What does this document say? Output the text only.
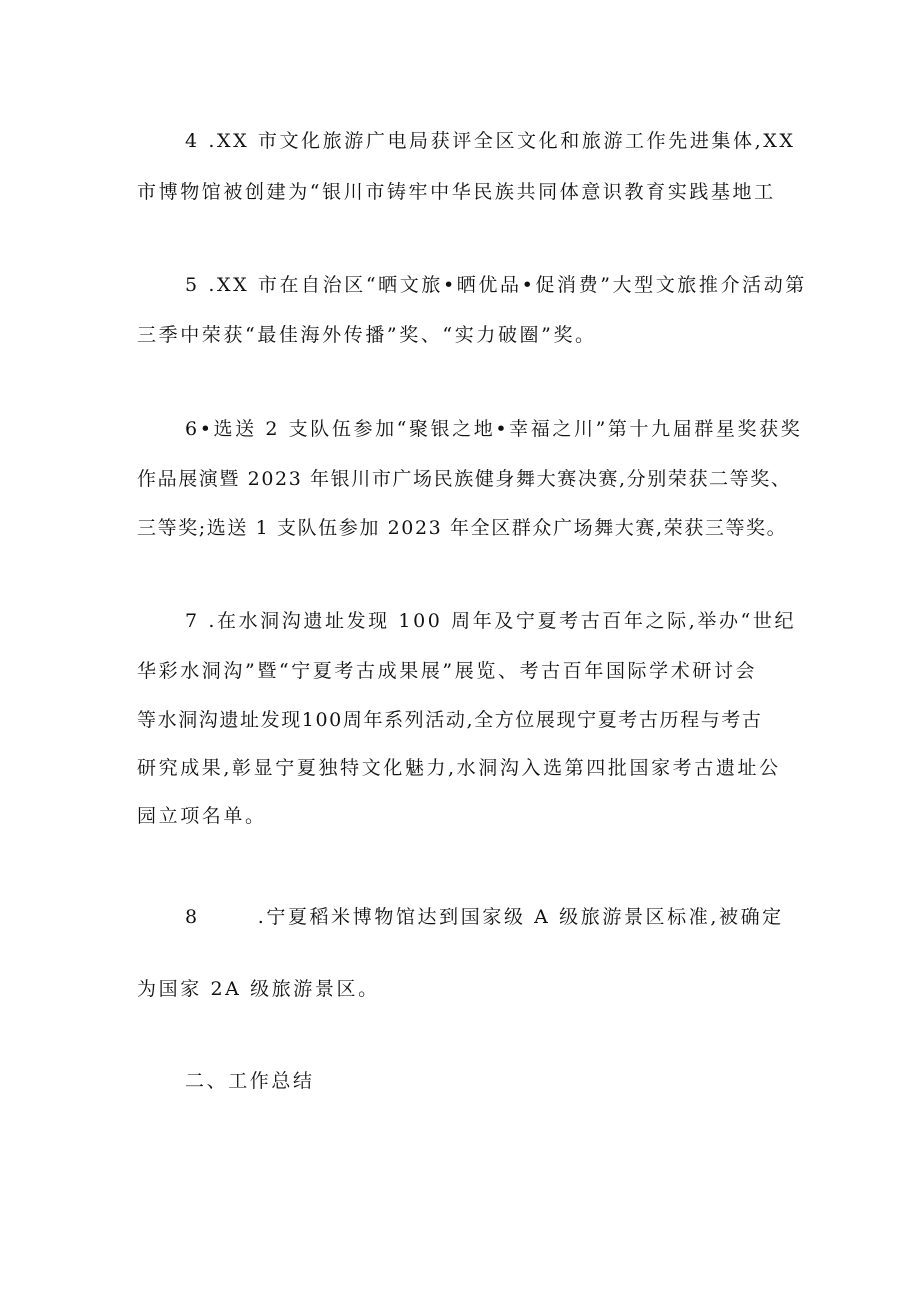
4 .XX 市文化旅游广电局获评全区文化和旅游工作先进集体,XX
市博物馆被创建为“银川市铸牢中华民族共同体意识教育实践基地工
5 .XX 市在自治区“晒文旅•晒优品•促消费”大型文旅推介活动第
三季中荣获“最佳海外传播”奖、“实力破圈”奖。
6•选送 2 支队伍参加“聚银之地•幸福之川”第十九届群星奖获奖
作品展演暨 2023 年银川市广场民族健身舞大赛决赛,分别荣获二等奖、
三等奖;选送 1 支队伍参加 2023 年全区群众广场舞大赛,荣获三等奖。
7 .在水洞沟遗址发现 100 周年及宁夏考古百年之际,举办“世纪
华彩水洞沟”暨“宁夏考古成果展”展览、考古百年国际学术研讨会
等水洞沟遗址发现100周年系列活动,全方位展现宁夏考古历程与考古
研究成果,彰显宁夏独特文化魅力,水洞沟入选第四批国家考古遗址公
园立项名单。
8	.宁夏稻米博物馆达到国家级 A 级旅游景区标准,被确定
为国家 2A 级旅游景区。
二、工作总结
